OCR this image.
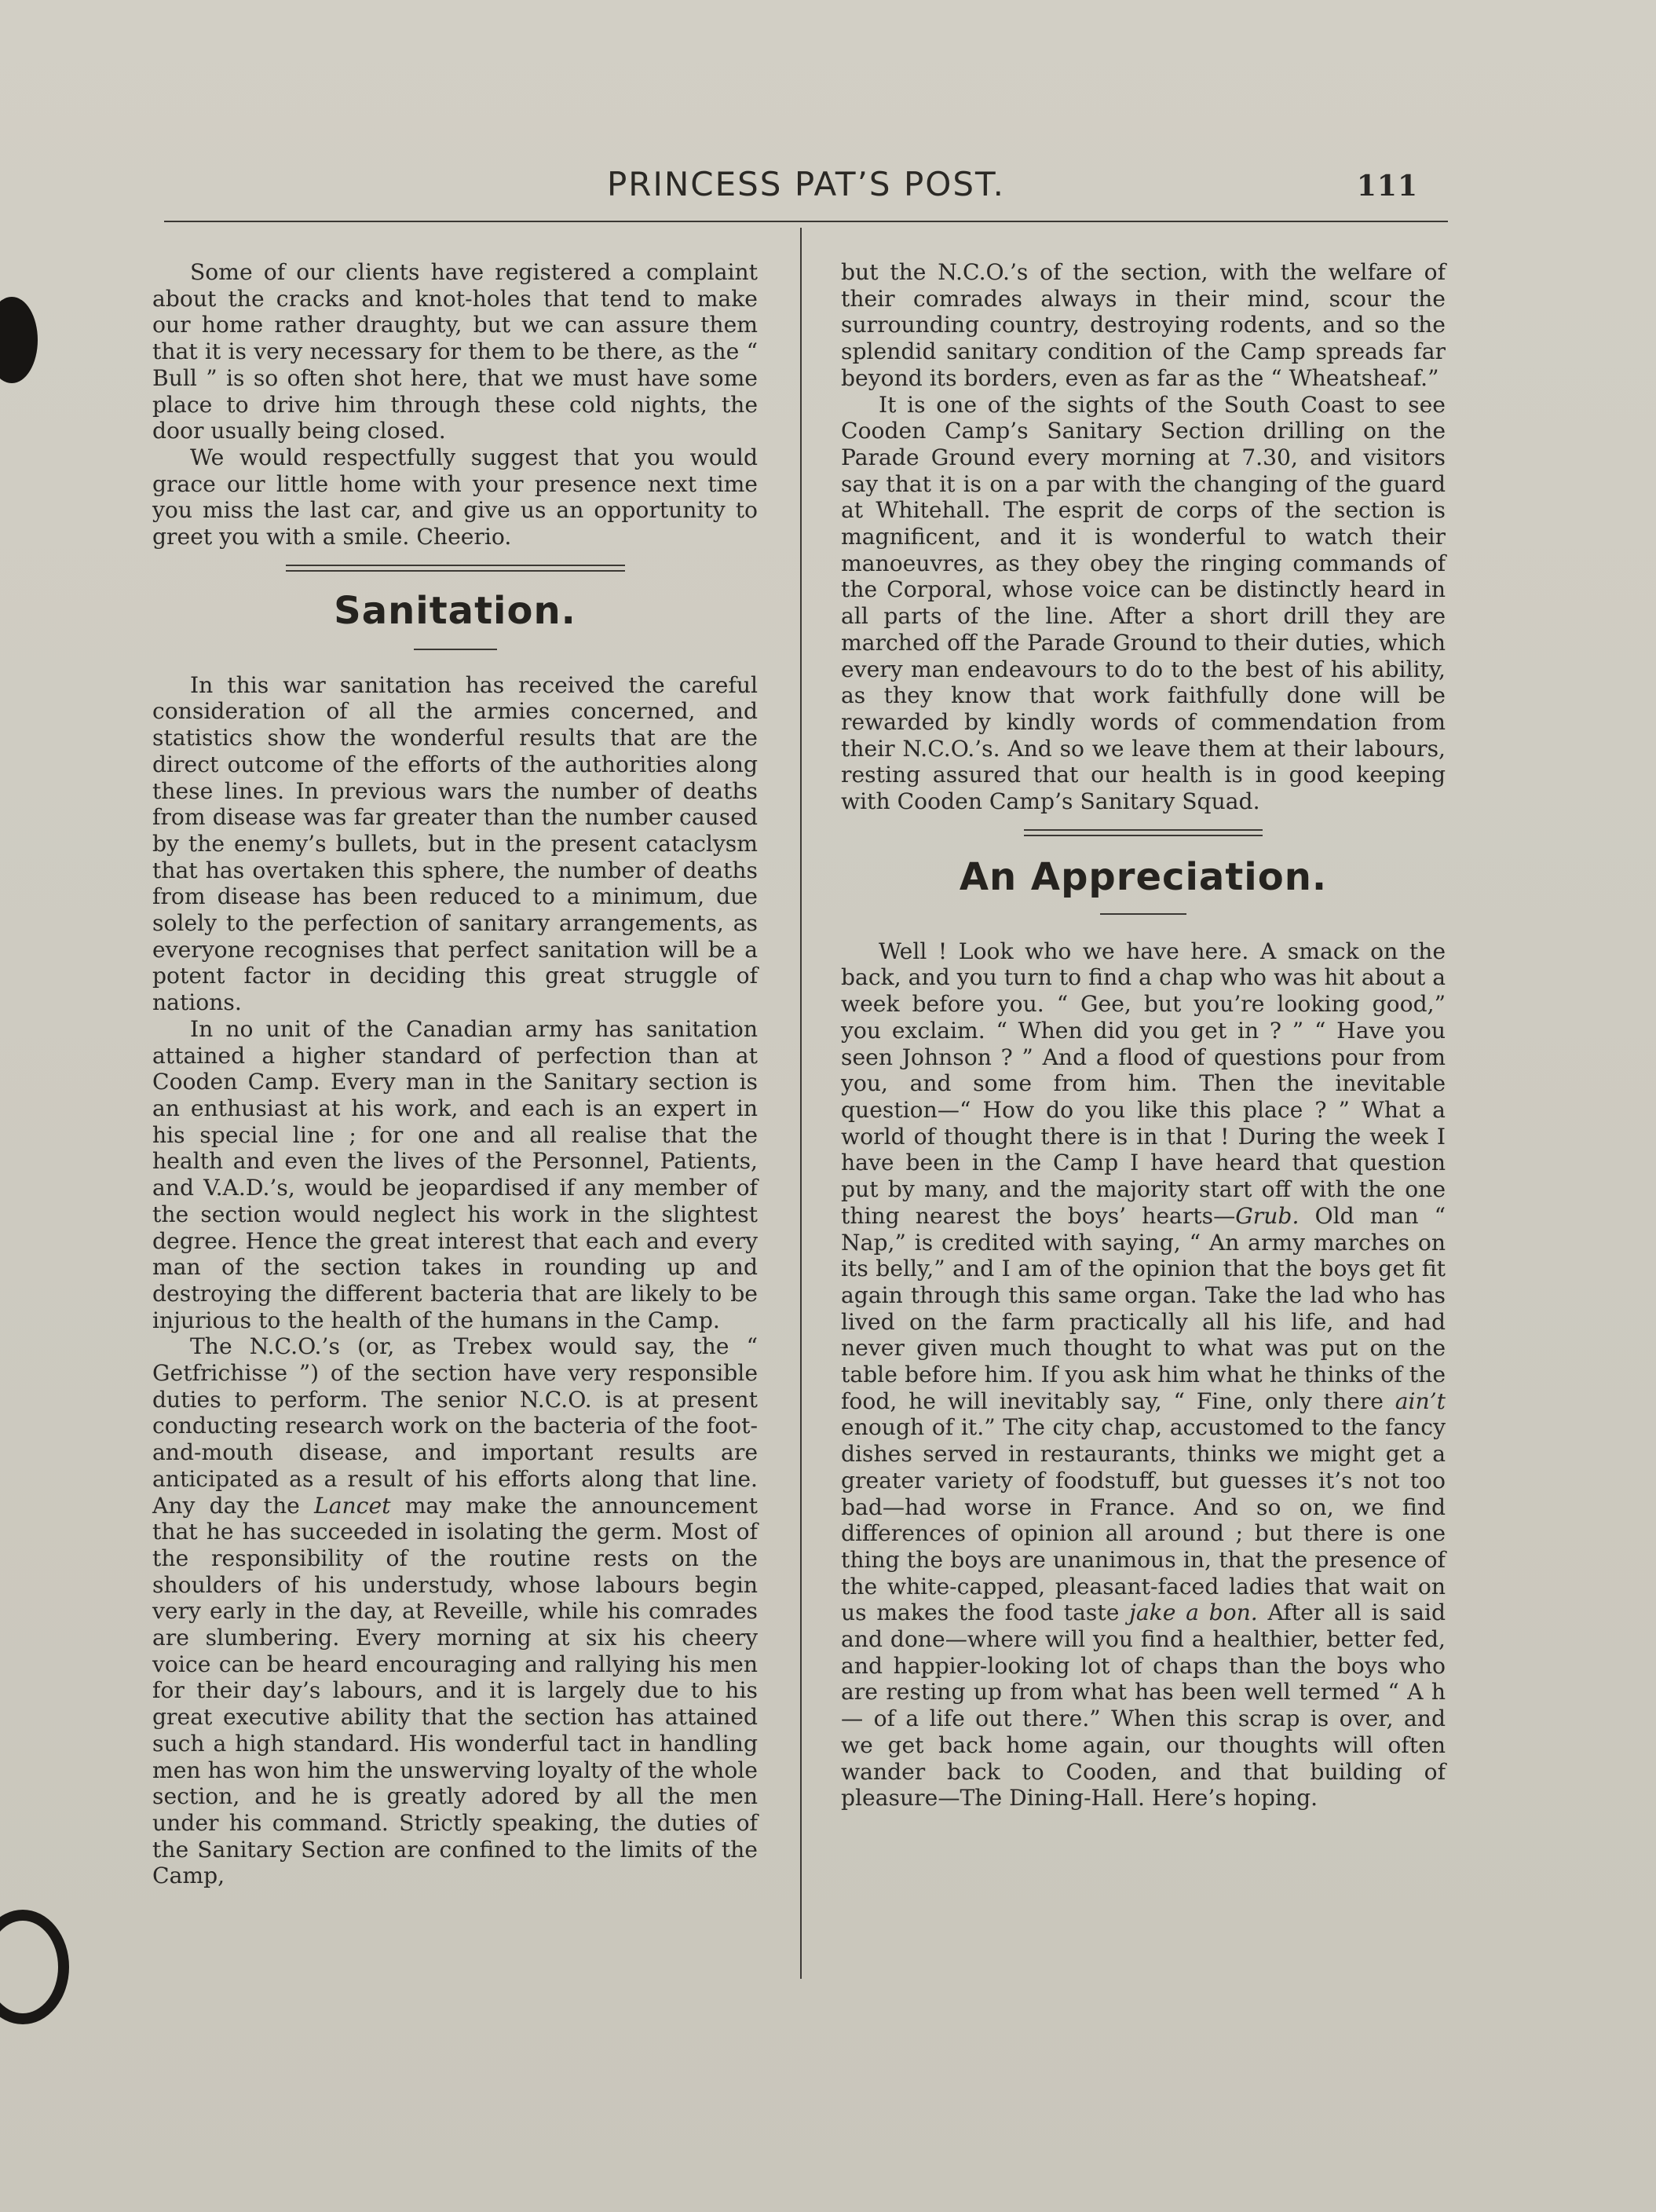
PRINCESS PAT’S POST.	111

Some of our clients have registered a complaint about the cracks and knot-holes that tend to make our home rather draughty, but we can assure them that it is very necessary for them to be there, as the “ Bull ” is so often shot here, that we must have some place to drive him through these cold nights, the door usually being closed.

We would respectfully suggest that you would grace our little home with your presence next time you miss the last car, and give us an opportunity to greet you with a smile. Cheerio.

Sanitation.

In this war sanitation has received the careful consideration of all the armies concerned, and statistics show the wonderful results that are the direct outcome of the efforts of the authorities along these lines. In previous wars the number of deaths from disease was far greater than the number caused by the enemy’s bullets, but in the present cataclysm that has overtaken this sphere, the number of deaths from disease has been reduced to a minimum, due solely to the perfection of sanitary arrangements, as everyone recognises that perfect sanitation will be a potent factor in deciding this great struggle of nations.

In no unit of the Canadian army has sanitation attained a higher standard of perfection than at Cooden Camp. Every man in the Sanitary section is an enthusiast at his work, and each is an expert in his special line ; for one and all realise that the health and even the lives of the Personnel, Patients, and V.A.D.’s, would be jeopardised if any member of the section would neglect his work in the slightest degree. Hence the great interest that each and every man of the section takes in rounding up and destroying the different bacteria that are likely to be injurious to the health of the humans in the Camp.

The N.C.O.’s (or, as Trebex would say, the “ Getfrichisse ”) of the section have very responsible duties to perform. The senior N.C.O. is at present conducting research work on the bacteria of the foot-and-mouth disease, and important results are anticipated as a result of his efforts along that line. Any day the Lancet may make the announcement that he has succeeded in isolating the germ. Most of the responsibility of the routine rests on the shoulders of his understudy, whose labours begin very early in the day, at Reveille, while his comrades are slumbering. Every morning at six his cheery voice can be heard encouraging and rallying his men for their day’s labours, and it is largely due to his great executive ability that the section has attained such a high standard. His wonderful tact in handling men has won him the unswerving loyalty of the whole section, and he is greatly adored by all the men under his command. Strictly speaking, the duties of the Sanitary Section are confined to the limits of the Camp,

but the N.C.O.’s of the section, with the welfare of their comrades always in their mind, scour the surrounding country, destroying rodents, and so the splendid sanitary condition of the Camp spreads far beyond its borders, even as far as the “ Wheatsheaf.”

It is one of the sights of the South Coast to see Cooden Camp’s Sanitary Section drilling on the Parade Ground every morning at 7.30, and visitors say that it is on a par with the changing of the guard at Whitehall. The esprit de corps of the section is magnificent, and it is wonderful to watch their manoeuvres, as they obey the ringing commands of the Corporal, whose voice can be distinctly heard in all parts of the line. After a short drill they are marched off the Parade Ground to their duties, which every man endeavours to do to the best of his ability, as they know that work faithfully done will be rewarded by kindly words of commendation from their N.C.O.’s. And so we leave them at their labours, resting assured that our health is in good keeping with Cooden Camp’s Sanitary Squad.

An Appreciation.

Well ! Look who we have here. A smack on the back, and you turn to find a chap who was hit about a week before you. “ Gee, but you’re looking good,” you exclaim. “ When did you get in ? ” “ Have you seen Johnson ? ” And a flood of questions pour from you, and some from him. Then the inevitable question—“ How do you like this place ? ” What a world of thought there is in that ! During the week I have been in the Camp I have heard that question put by many, and the majority start off with the one thing nearest the boys’ hearts—Grub. Old man “ Nap,” is credited with saying, “ An army marches on its belly,” and I am of the opinion that the boys get fit again through this same organ. Take the lad who has lived on the farm practically all his life, and had never given much thought to what was put on the table before him. If you ask him what he thinks of the food, he will inevitably say, “ Fine, only there ain’t enough of it.” The city chap, accustomed to the fancy dishes served in restaurants, thinks we might get a greater variety of foodstuff, but guesses it’s not too bad—had worse in France. And so on, we find differences of opinion all around ; but there is one thing the boys are unanimous in, that the presence of the white-capped, pleasant-faced ladies that wait on us makes the food taste jake a bon. After all is said and done—where will you find a healthier, better fed, and happier-looking lot of chaps than the boys who are resting up from what has been well termed “ A h— of a life out there.” When this scrap is over, and we get back home again, our thoughts will often wander back to Cooden, and that building of pleasure—The Dining-Hall. Here’s hoping.
